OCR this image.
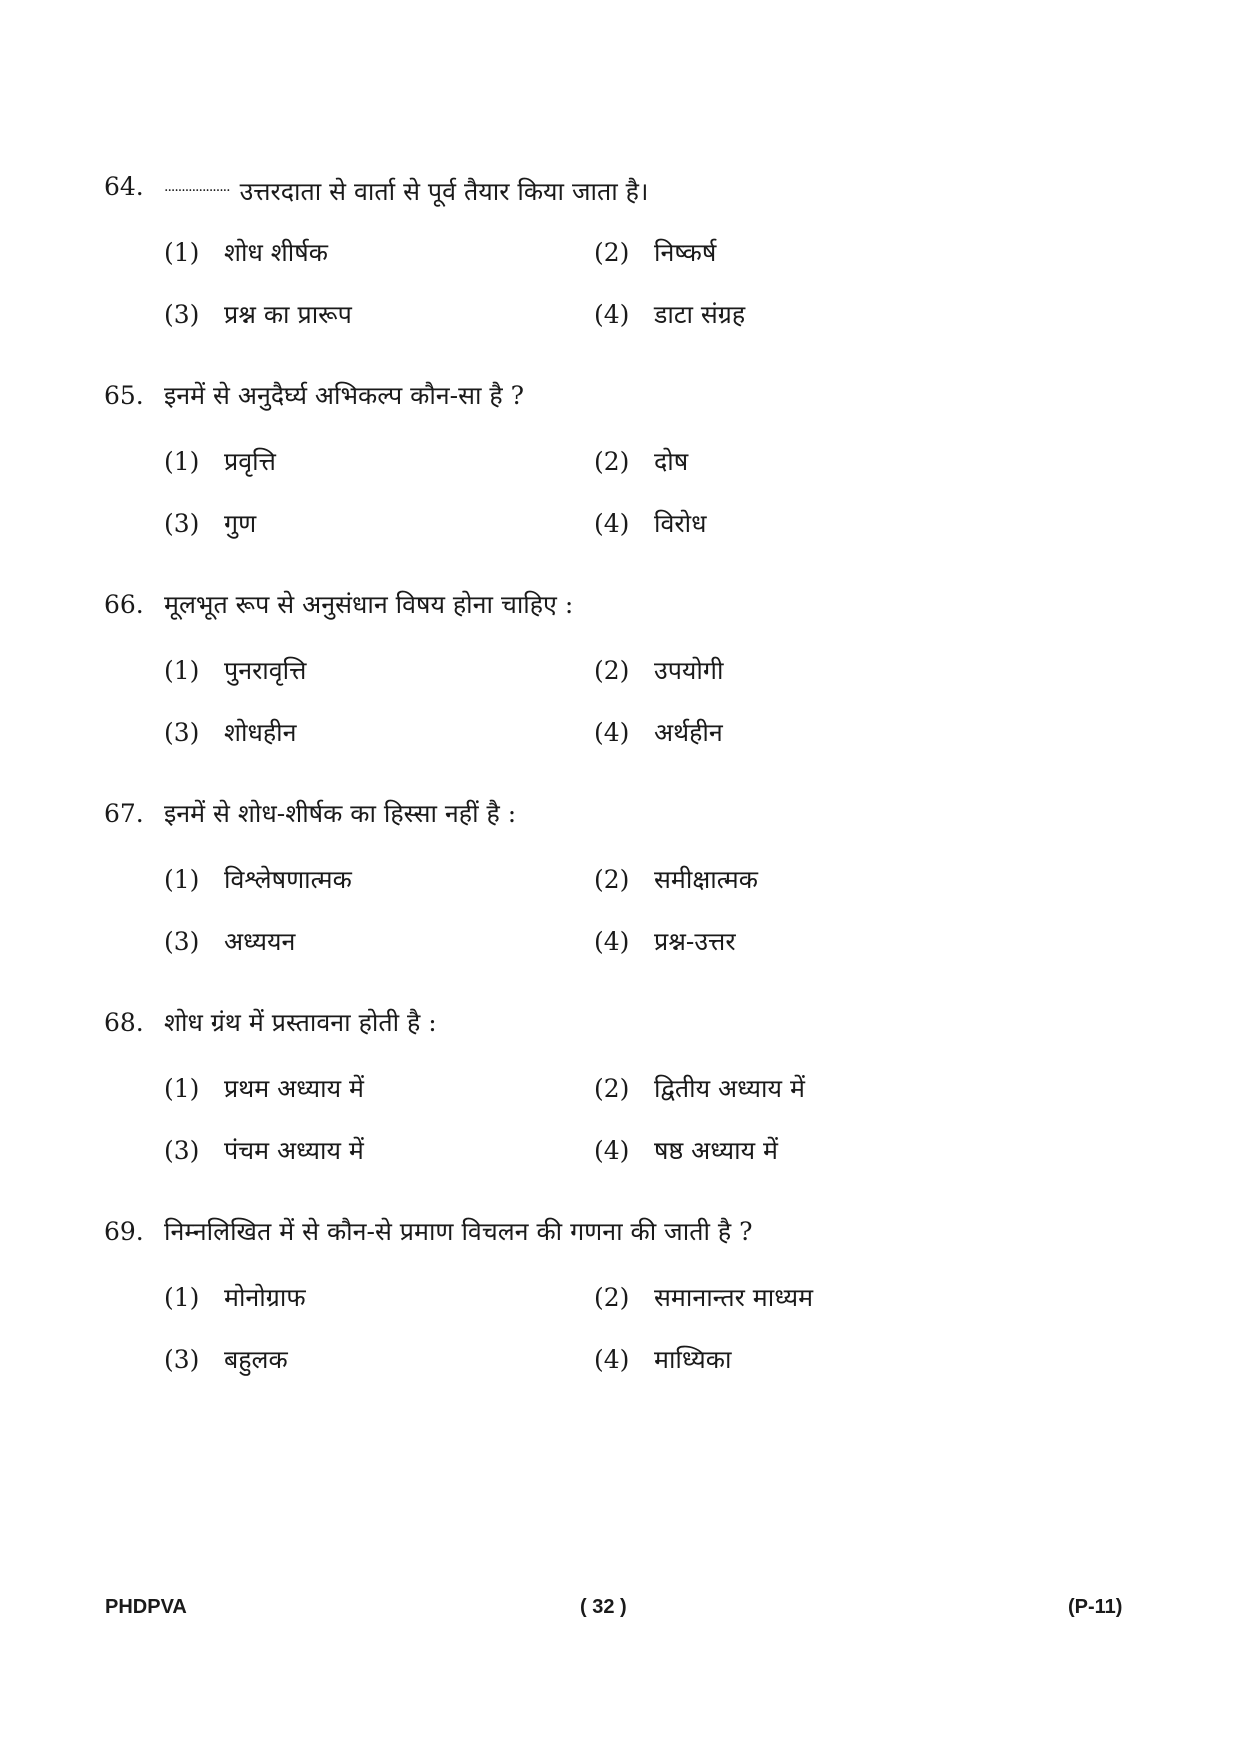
64.	................... उत्तरदाता से वार्ता से पूर्व तैयार किया जाता है।
(1) शोध शीर्षक	(2) निष्कर्ष
(3) प्रश्न का प्रारूप	(4) डाटा संग्रह
65. इनमें से अनुदैर्घ्य अभिकल्प कौन-सा है ?
(1) प्रवृत्ति	(2) दोष
(3) गुण	(4) विरोध
66. मूलभूत रूप से अनुसंधान विषय होना चाहिए :
(1) पुनरावृत्ति	(2) उपयोगी
(3) शोधहीन	(4) अर्थहीन
67. इनमें से शोध-शीर्षक का हिस्सा नहीं है :
(1) विश्लेषणात्मक	(2) समीक्षात्मक
(3) अध्ययन	(4) प्रश्न-उत्तर
68. शोध ग्रंथ में प्रस्तावना होती है :
(1) प्रथम अध्याय में	(2) द्वितीय अध्याय में
(3) पंचम अध्याय में	(4) षष्ठ अध्याय में
69. निम्नलिखित में से कौन-से प्रमाण विचलन की गणना की जाती है ?
(1) मोनोग्राफ	(2) समानान्तर माध्यम
(3) बहुलक	(4) माध्यिका
PHDPVA	( 32 )	(P-11)
